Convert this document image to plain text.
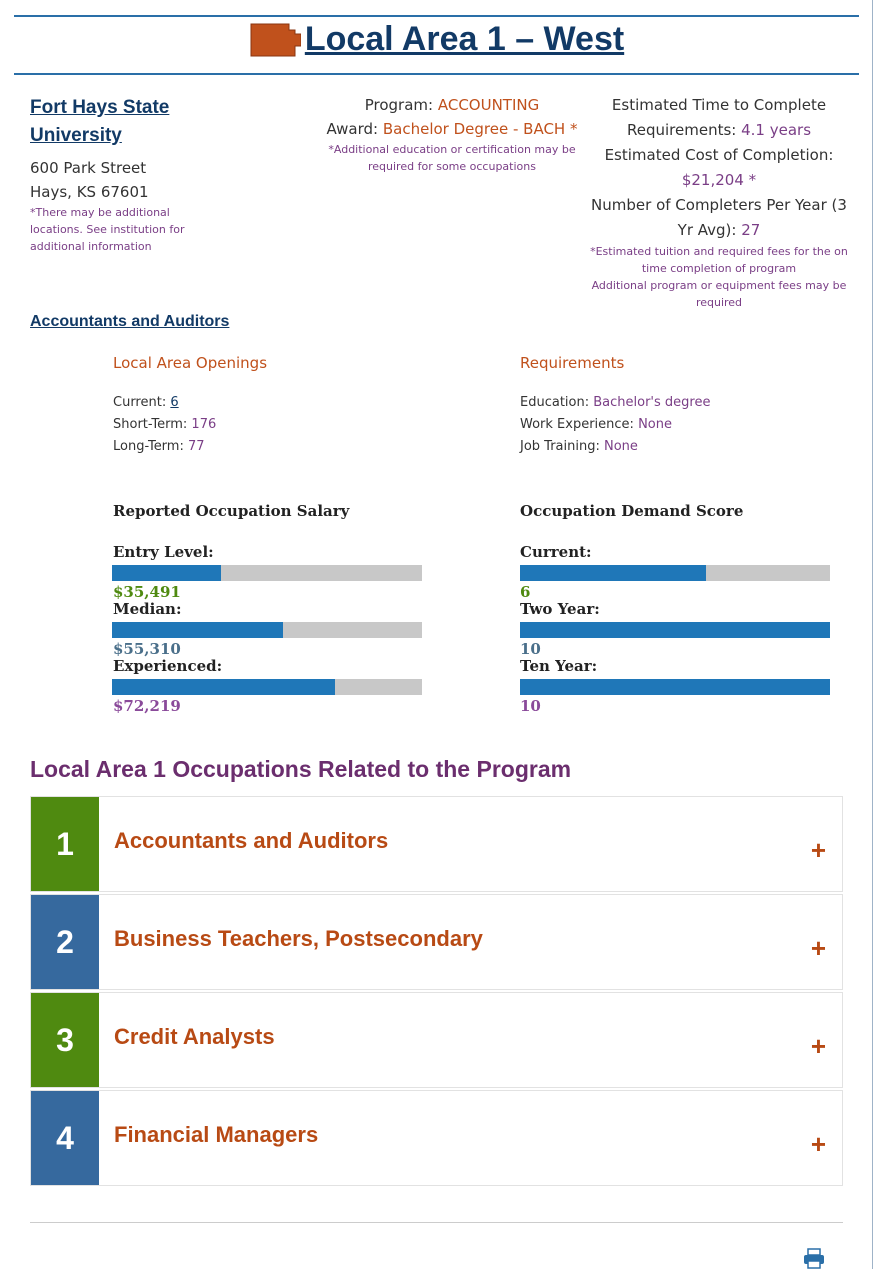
Local Area 1 – West
Fort Hays State University
600 Park Street
Hays, KS 67601
*There may be additional locations. See institution for additional information
Program: ACCOUNTING
Award: Bachelor Degree - BACH *
*Additional education or certification may be required for some occupations
Estimated Time to Complete Requirements: 4.1 years
Estimated Cost of Completion:
$21,204 *
Number of Completers Per Year (3 Yr Avg): 27
*Estimated tuition and required fees for the on time completion of program
Additional program or equipment fees may be required
Accountants and Auditors
Local Area Openings	Requirements
Current: 6
Short-Term: 176
Long-Term: 77
Education: Bachelor's degree
Work Experience: None
Job Training: None
Reported Occupation Salary
Entry Level:
$35,491
Median:
$55,310
Experienced:
$72,219
Occupation Demand Score
Current:
6
Two Year:
10
Ten Year:
10
Local Area 1 Occupations Related to the Program
1	Accountants and Auditors	+
2	Business Teachers, Postsecondary	+
3	Credit Analysts	+
4	Financial Managers	+
